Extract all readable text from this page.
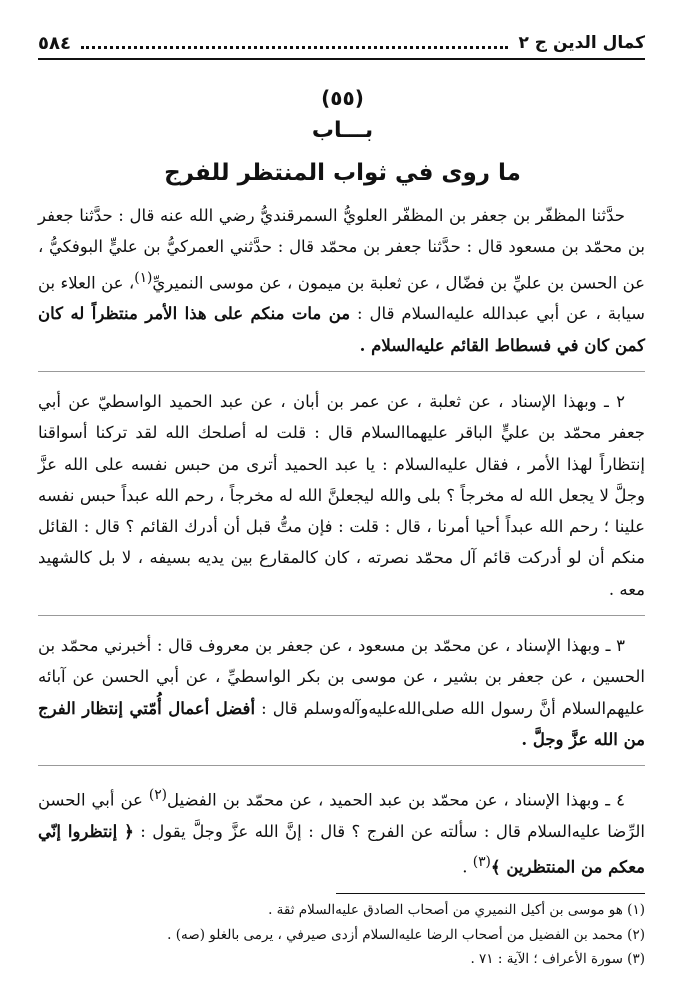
٥٨٤	كمال الدين ج ٢
(٥٥)
بـــاب
ما روى في ثواب المنتظر للفرج

حدَّثنا المظفّر بن جعفر بن المظفّر العلويُّ السمرقنديُّ رضي الله عنه قال : حدَّثنا جعفر بن محمّد بن مسعود قال : حدَّثنا جعفر بن محمّد قال : حدَّثني العمركيُّ بن عليٍّ البوفكيُّ ، عن الحسن بن عليِّ بن فضّال ، عن ثعلبة بن ميمون ، عن موسى النميريِّ$^{(١)}$، عن العلاء بن سيابة ، عن أبي عبدالله عليه‌السلام قال : من مات منكم على هذا الأمر منتظراً له كان كمن كان في فسطاط القائم عليه‌السلام .

٢ ـ وبهذا الإسناد ، عن ثعلبة ، عن عمر بن أبان ، عن عبد الحميد الواسطيّ عن أبي جعفر محمّد بن عليٍّ الباقر عليهما‌السلام قال : قلت له أصلحك الله لقد تركنا أسواقنا إنتظاراً لهذا الأمر ، فقال عليه‌السلام : يا عبد الحميد أترى من حبس نفسه على الله عزَّ وجلَّ لا يجعل الله له مخرجاً ؟ بلى والله ليجعلنَّ الله له مخرجاً ، رحم الله عبداً حبس نفسه علينا ؛ رحم الله عبداً أحيا أمرنا ، قال : قلت : فإن متُّ قبل أن أدرك القائم ؟ قال : القائل منكم أن لو أدركت قائم آل محمّد نصرته ، كان كالمقارع بين يديه بسيفه ، لا بل كالشهيد معه .

٣ ـ وبهذا الإسناد ، عن محمّد بن مسعود ، عن جعفر بن معروف قال : أخبرني محمّد بن الحسين ، عن جعفر بن بشير ، عن موسى بن بكر الواسطيِّ ، عن أبي الحسن عن آبائه عليهم‌السلام أنَّ رسول الله صلى‌الله‌عليه‌وآله‌وسلم قال : أفضل أعمال أُمّتي إنتظار الفرج من الله عزَّ وجلَّ .

٤ ـ وبهذا الإسناد ، عن محمّد بن عبد الحميد ، عن محمّد بن الفضيل$^{(٢)}$ عن أبي الحسن الرِّضا عليه‌السلام قال : سألته عن الفرج ؟ قال : إنَّ الله عزَّ وجلَّ يقول : ﴿ إنتظروا إنّي معكم من المنتظرين ﴾$^{(٣)}$ .

(١) هو موسى بن أكيل النميري من أصحاب الصادق عليه‌السلام ثقة .
(٢) محمد بن الفضيل من أصحاب الرضا عليه‌السلام أزدى صيرفي ، يرمى بالغلو (صه) .
(٣) سورة الأعراف ؛ الآية : ٧١ .
